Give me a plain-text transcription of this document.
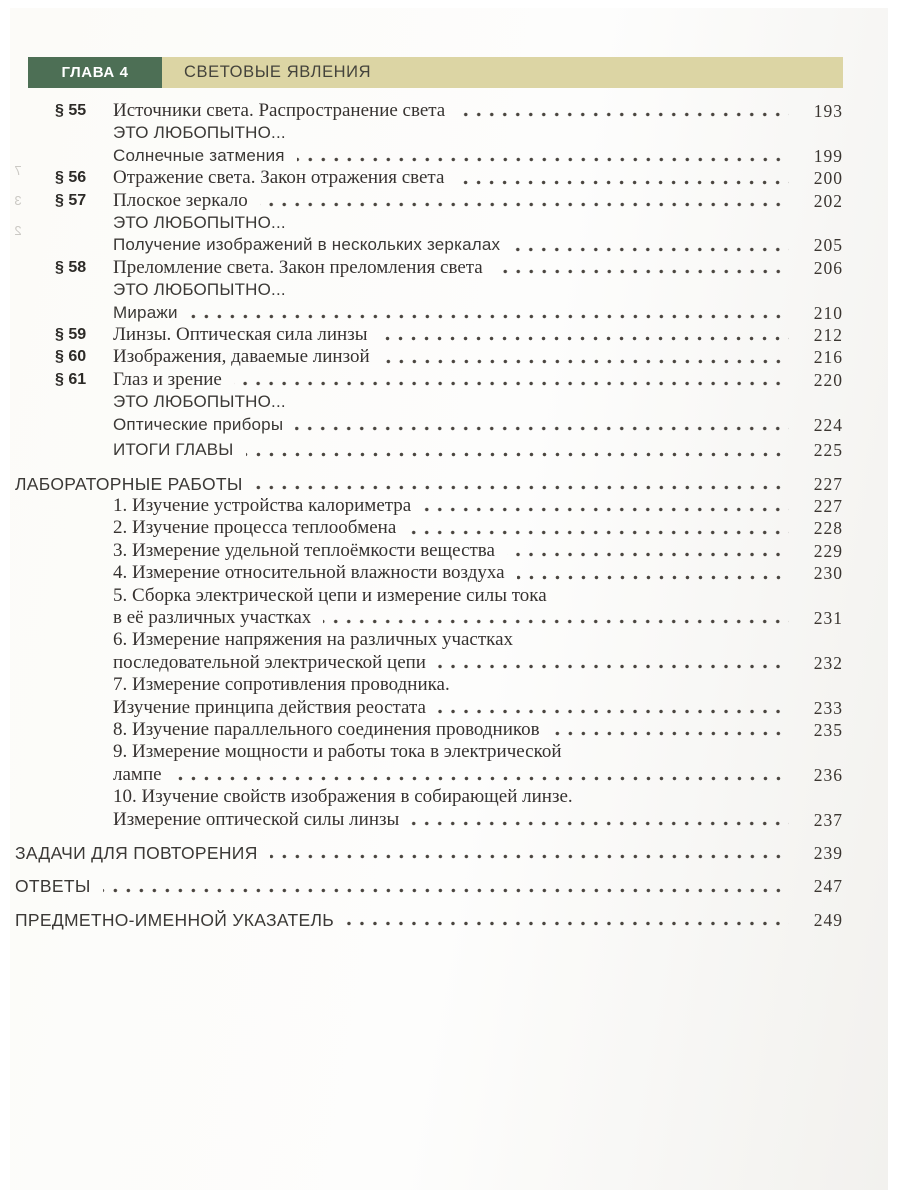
ГЛАВА 4	СВЕТОВЫЕ ЯВЛЕНИЯ
§ 55	Источники света. Распространение света	193
ЭТО ЛЮБОПЫТНО...
Солнечные затмения	199
§ 56	Отражение света. Закон отражения света	200
§ 57	Плоское зеркало	202
ЭТО ЛЮБОПЫТНО...
Получение изображений в нескольких зеркалах	205
§ 58	Преломление света. Закон преломления света	206
ЭТО ЛЮБОПЫТНО...
Миражи	210
§ 59	Линзы. Оптическая сила линзы	212
§ 60	Изображения, даваемые линзой	216
§ 61	Глаз и зрение	220
ЭТО ЛЮБОПЫТНО...
Оптические приборы	224
ИТОГИ ГЛАВЫ	225
ЛАБОРАТОРНЫЕ РАБОТЫ	227
1. Изучение устройства калориметра	227
2. Изучение процесса теплообмена	228
3. Измерение удельной теплоёмкости вещества	229
4. Измерение относительной влажности воздуха	230
5. Сборка электрической цепи и измерение силы тока
в её различных участках	231
6. Измерение напряжения на различных участках
последовательной электрической цепи	232
7. Измерение сопротивления проводника.
Изучение принципа действия реостата	233
8. Изучение параллельного соединения проводников	235
9. Измерение мощности и работы тока в электрической
лампе	236
10. Изучение свойств изображения в собирающей линзе.
Измерение оптической силы линзы	237
ЗАДАЧИ ДЛЯ ПОВТОРЕНИЯ	239
ОТВЕТЫ	247
ПРЕДМЕТНО-ИМЕННОЙ УКАЗАТЕЛЬ	249
7
3
2
